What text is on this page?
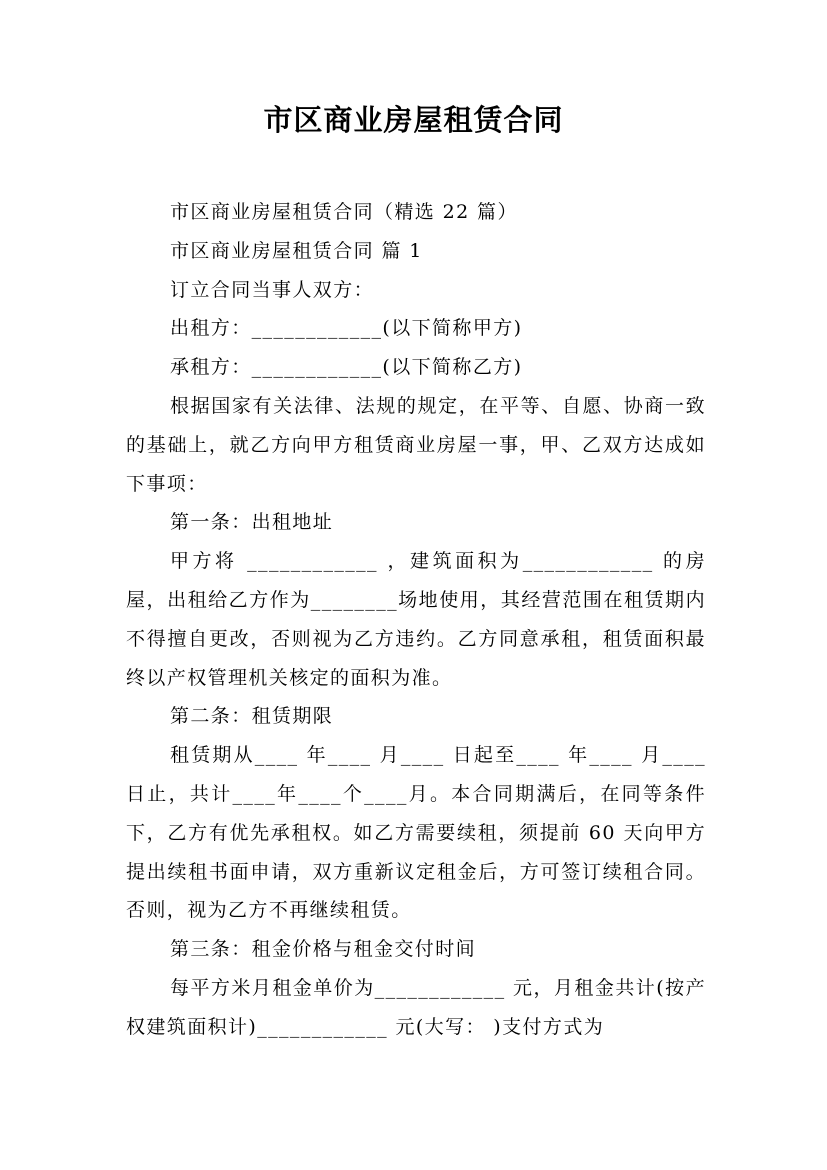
市区商业房屋租赁合同

市区商业房屋租赁合同（精选 22 篇）

市区商业房屋租赁合同 篇 1

订立合同当事人双方：

出租方：____________(以下简称甲方)

承租方：____________(以下简称乙方)

根据国家有关法律、法规的规定，在平等、自愿、协商一致的基础上，就乙方向甲方租赁商业房屋一事，甲、乙双方达成如下事项：

第一条：出租地址

甲方将 ____________ ，建筑面积为____________ 的房屋，出租给乙方作为________场地使用，其经营范围在租赁期内不得擅自更改，否则视为乙方违约。乙方同意承租，租赁面积最终以产权管理机关核定的面积为准。

第二条：租赁期限

租赁期从____ 年____ 月____ 日起至____ 年____ 月____ 日止，共计____年____个____月。本合同期满后，在同等条件下，乙方有优先承租权。如乙方需要续租，须提前 60 天向甲方提出续租书面申请，双方重新议定租金后，方可签订续租合同。否则，视为乙方不再继续租赁。

第三条：租金价格与租金交付时间

每平方米月租金单价为____________ 元，月租金共计(按产权建筑面积计)____________ 元(大写： )支付方式为
